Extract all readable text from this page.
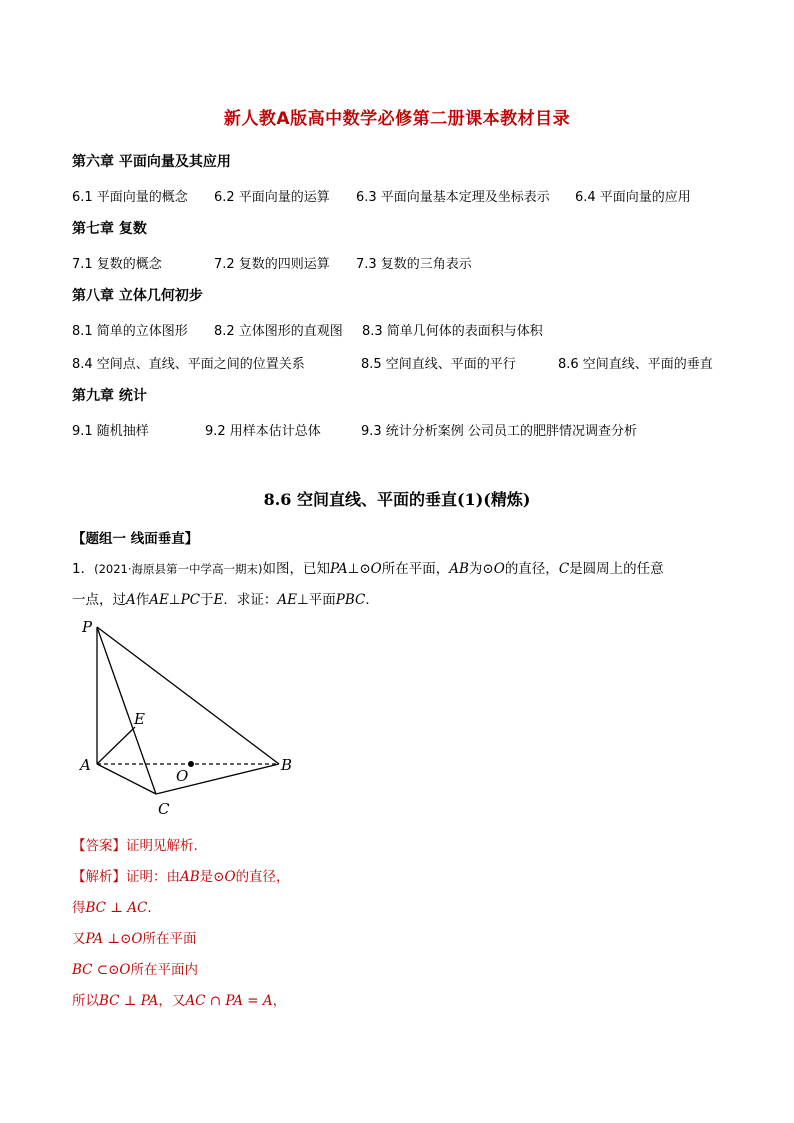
新人教A版高中数学必修第二册课本教材目录
第六章 平面向量及其应用
6.1 平面向量的概念 6.2 平面向量的运算 6.3 平面向量基本定理及坐标表示 6.4 平面向量的应用
第七章 复数
7.1 复数的概念	7.2 复数的四则运算 7.3 复数的三角表示
第八章 立体几何初步
8.1 简单的立体图形 8.2 立体图形的直观图 8.3 简单几何体的表面积与体积
8.4 空间点、直线、平面之间的位置关系	8.5 空间直线、平面的平行	8.6 空间直线、平面的垂直
第九章 统计
9.1 随机抽样	9.2 用样本估计总体	9.3 统计分析案例 公司员工的肥胖情况调查分析
8.6 空间直线、平面的垂直(1)(精炼)
【题组一 线面垂直】
1．(2021·海原县第一中学高一期末)如图，已知PA⊥⊙O所在平面，AB为⊙O的直径，C是圆周上的任意
一点，过A作AE⊥PC于E．求证：AE⊥平面PBC．
P
E
A
O
B
C
【答案】证明见解析.
【解析】证明：由AB是⊙O的直径，
得BC ⊥ AC．
又PA ⊥⊙O所在平面
BC ⊂⊙O所在平面内
所以BC ⊥ PA，又AC ∩ PA = A，
